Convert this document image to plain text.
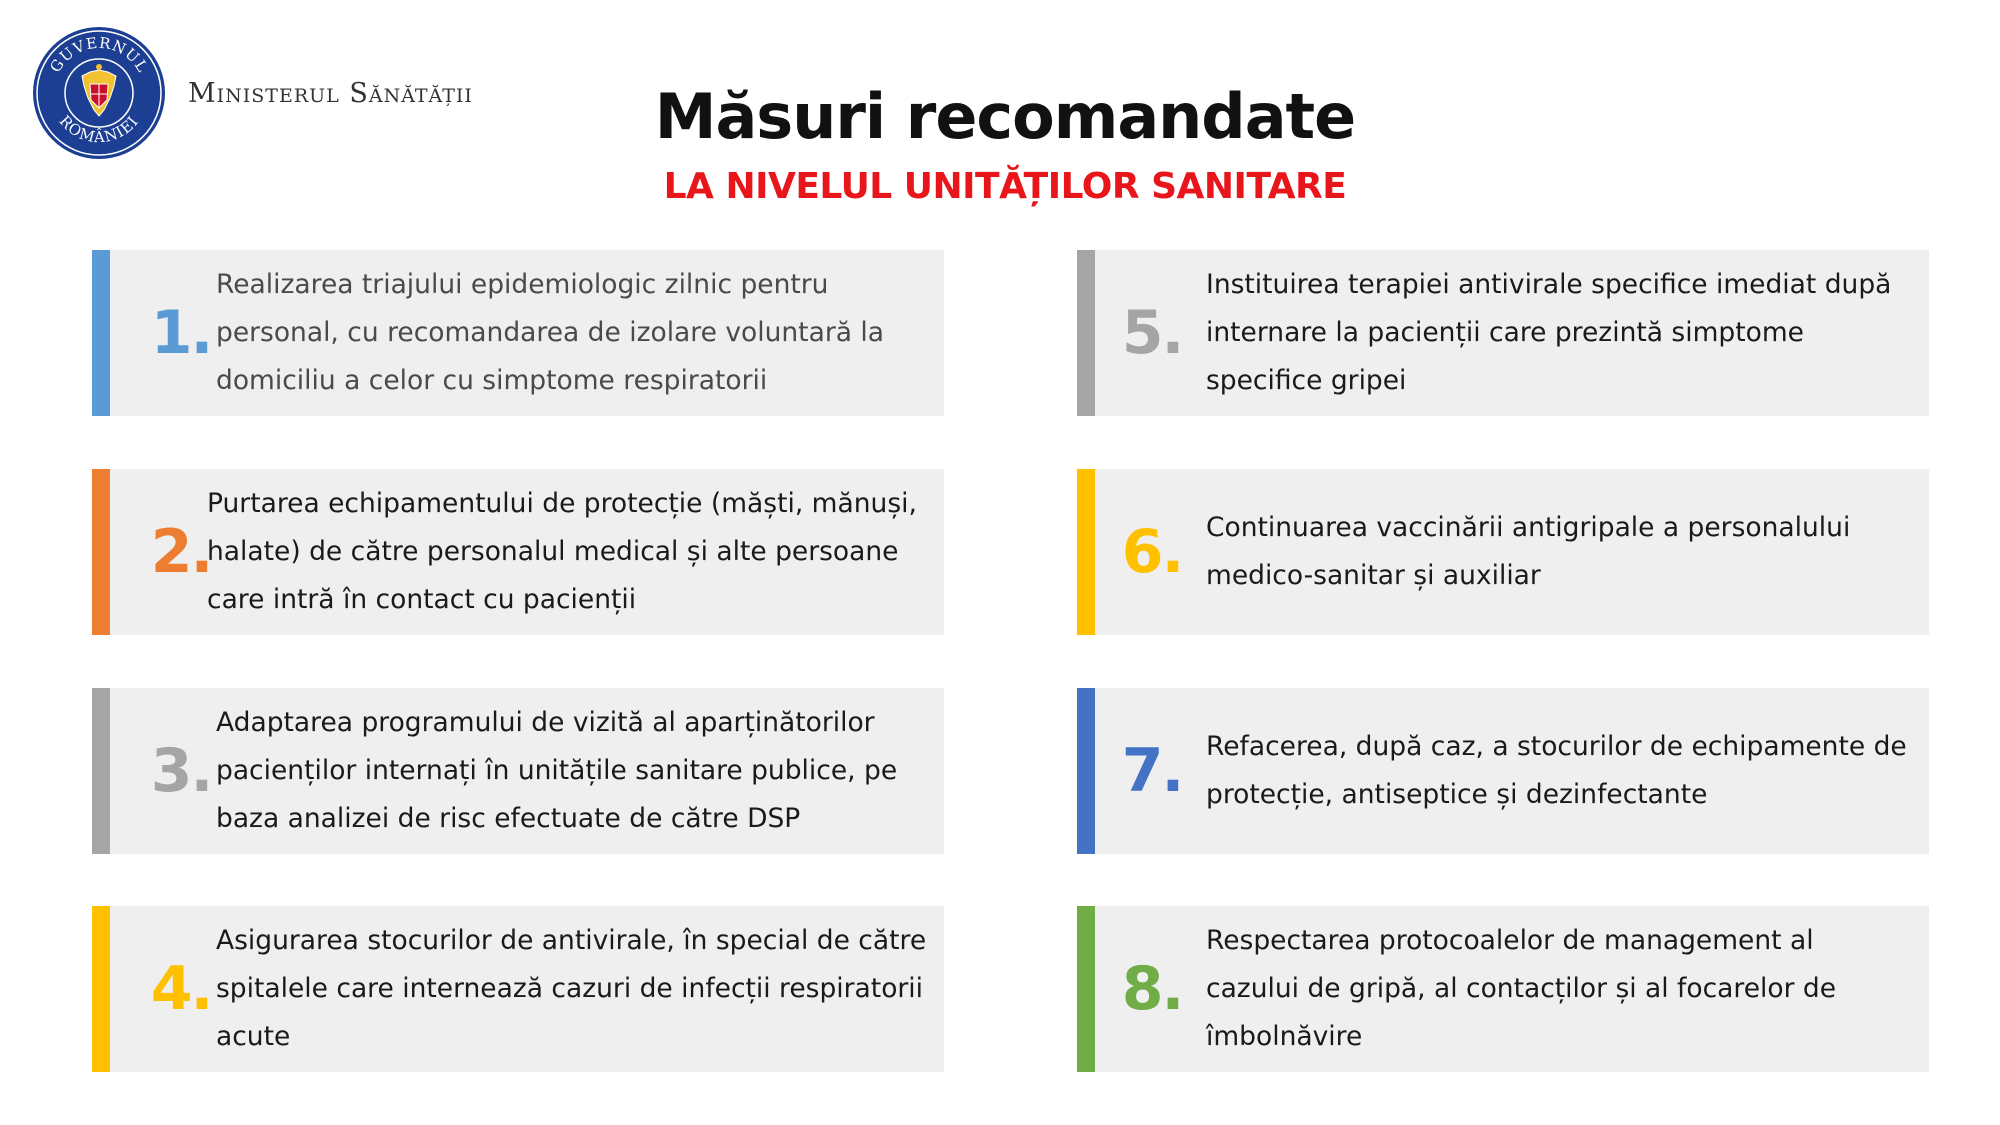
GUVERNUL
ROMÂNIEI
Ministerul Sănătății	Măsuri recomandate
LA NIVELUL UNITĂȚILOR SANITARE
1.
Realizarea triajului epidemiologic zilnic pentru personal, cu recomandarea de izolare voluntară la domiciliu a celor cu simptome respiratorii
2.
Purtarea echipamentului de protecție (măști, mănuși, halate) de către personalul medical și alte persoane care intră în contact cu pacienții
3.
Adaptarea programului de vizită al aparținătorilor pacienților internați în unitățile sanitare publice, pe baza analizei de risc efectuate de către DSP
4.
Asigurarea stocurilor de antivirale, în special de către spitalele care internează cazuri de infecții respiratorii acute
5.
Instituirea terapiei antivirale specifice imediat după internare la pacienții care prezintă simptome specifice gripei
6. Continuarea vaccinării antigripale a personalului medico-sanitar și auxiliar
7. Refacerea, după caz, a stocurilor de echipamente de protecție, antiseptice și dezinfectante
8.
Respectarea protocoalelor de management al cazului de gripă, al contacților și al focarelor de îmbolnăvire
